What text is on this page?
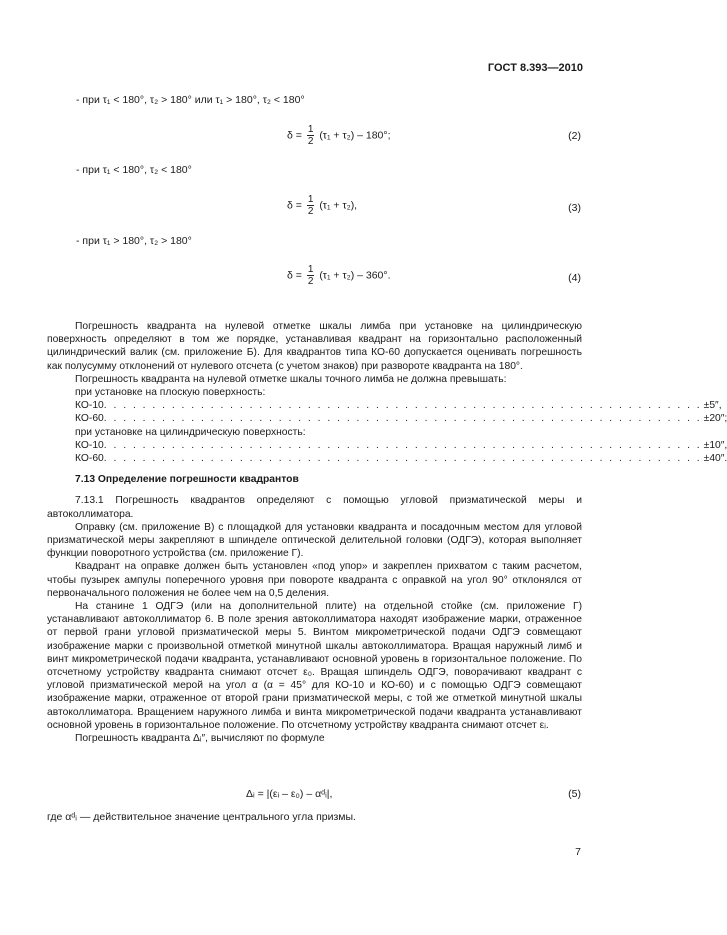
ГОСТ 8.393—2010
- при τ₁ < 180°, τ₂ > 180° или τ₁ > 180°, τ₂ < 180°
$\delta = \frac{1}{2} (\tau_1 + \tau_2) - 180^\circ$;	(2)
- при τ₁ < 180°, τ₂ < 180°
$\delta = \frac{1}{2} (\tau_1 + \tau_2)$,	(3)
- при τ₁ > 180°, τ₂ > 180°
$\delta = \frac{1}{2} (\tau_1 + \tau_2) - 360^\circ$.	(4)

Погрешность квадранта на нулевой отметке шкалы лимба при установке на цилиндрическую поверхность определяют в том же порядке, устанавливая квадрант на горизонтально расположенный цилиндрический валик (см. приложение Б). Для квадрантов типа КО-60 допускается оценивать погрешность как полусумму отклонений от нулевого отсчета (с учетом знаков) при развороте квадранта на 180°.

Погрешность квадранта на нулевой отметке шкалы точного лимба не должна превышать:

при установке на плоскую поверхность:
КО-10 . . . . . . . . . . . . . . . . . . . . . . . . . . . . . . . . . . . . . . . . . . . . . . . . . . . . . . . . . . . . . . ±5″,
КО-60 . . . . . . . . . . . . . . . . . . . . . . . . . . . . . . . . . . . . . . . . . . . . . . . . . . . . . . . . . . . . . . ±20″;
при установке на цилиндрическую поверхность:
КО-10 . . . . . . . . . . . . . . . . . . . . . . . . . . . . . . . . . . . . . . . . . . . . . . . . . . . . . . . . . . . . . . ±10″,
КО-60 . . . . . . . . . . . . . . . . . . . . . . . . . . . . . . . . . . . . . . . . . . . . . . . . . . . . . . . . . . . . . . ±40″.
7.13 Определение погрешности квадрантов

7.13.1 Погрешность квадрантов определяют с помощью угловой призматической меры и автоколлиматора.

Оправку (см. приложение В) с площадкой для установки квадранта и посадочным местом для угловой призматической меры закрепляют в шпинделе оптической делительной головки (ОДГЭ), которая выполняет функции поворотного устройства (см. приложение Г).

Квадрант на оправке должен быть установлен «под упор» и закреплен прихватом с таким расчетом, чтобы пузырек ампулы поперечного уровня при повороте квадранта с оправкой на угол 90° отклонялся от первоначального положения не более чем на 0,5 деления.

На станине 1 ОДГЭ (или на дополнительной плите) на отдельной стойке (см. приложение Г) устанавливают автоколлиматор 6. В поле зрения автоколлиматора находят изображение марки, отраженное от первой грани угловой призматической меры 5. Винтом микрометрической подачи ОДГЭ совмещают изображение марки с произвольной отметкой минутной шкалы автоколлиматора. Вращая наружный лимб и винт микрометрической подачи квадранта, устанавливают основной уровень в горизонтальное положение. По отсчетному устройству квадранта снимают отсчет ε₀. Вращая шпиндель ОДГЭ, поворачивают квадрант с угловой призматической мерой на угол α (α = 45° для КО-10 и КО-60) и с помощью ОДГЭ совмещают изображение марки, отраженное от второй грани призматической меры, с той же отметкой минутной шкалы автоколлиматора. Вращением наружного лимба и винта микрометрической подачи квадранта устанавливают основной уровень в горизонтальное положение. По отсчетному устройству квадранта снимают отсчет εᵢ.

Погрешность квадранта Δᵢ″, вычисляют по формуле

Δᵢ = |(εᵢ – ε₀) – αᵈᵢ|,	(5)
где αᵈᵢ — действительное значение центрального угла призмы.
7
